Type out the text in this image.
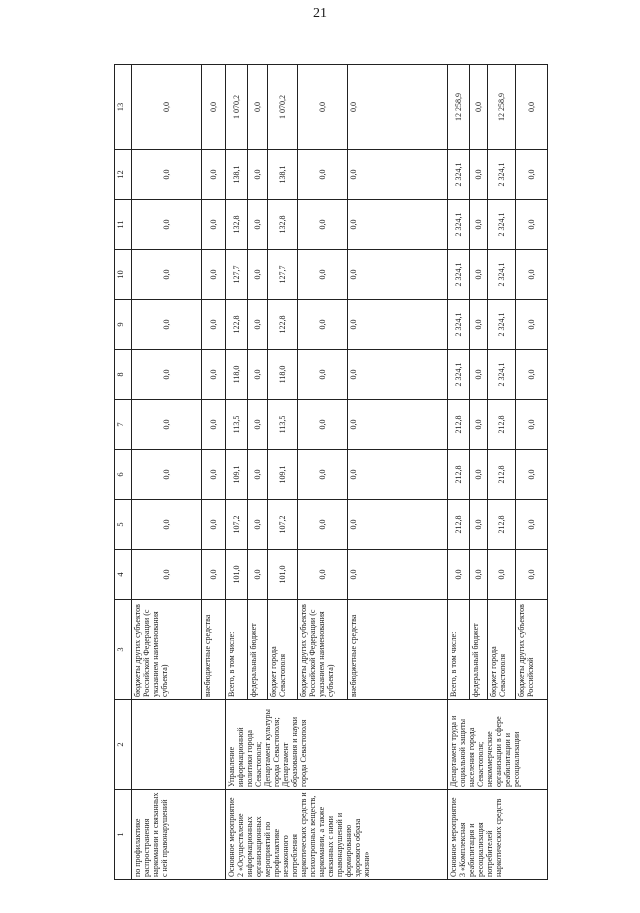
21
1	2	3	4	5	6	7	8	9	10	11	12	13
по профилактике распространения наркомании и связанных с ней правонарушений		бюджеты других субъектов Российской Федерации (с указанием наименования субъекта)	0,0	0,0	0,0	0,0	0,0	0,0	0,0	0,0	0,0	0,0
		внебюджетные средства	0,0	0,0	0,0	0,0	0,0	0,0	0,0	0,0	0,0	0,0
Основное мероприятие 2 «Осуществление информационных организационных мероприятий по профилактике незаконного потребления наркотических средств и психотропных веществ, наркомании, а также связанных с ними правонарушений и формированию здорового образа жизни»	Управление информационной политики города Севастополя; Департамент культуры города Севастополя; Департамент образования и науки города Севастополя	Всего, в том числе:	101,0	107,2	109,1	113,5	118,0	122,8	127,7	132,8	138,1	1 070,2
		федеральный бюджет	0,0	0,0	0,0	0,0	0,0	0,0	0,0	0,0	0,0	0,0
		бюджет города Севастополя	101,0	107,2	109,1	113,5	118,0	122,8	127,7	132,8	138,1	1 070,2
		бюджеты других субъектов Российской Федерации (с указанием наименования субъекта)	0,0	0,0	0,0	0,0	0,0	0,0	0,0	0,0	0,0	0,0
		внебюджетные средства	0,0	0,0	0,0	0,0	0,0	0,0	0,0	0,0	0,0	0,0
Основное мероприятие 3 «Комплексная реабилитация и ресоциализация потребителей наркотических средств	Департамент труда и социальной защиты населения города Севастополя; некоммерческие организации в сфере реабилитации и ресоциализации	Всего, в том числе:	0,0	212,8	212,8	212,8	2 324,1	2 324,1	2 324,1	2 324,1	2 324,1	12 258,9
		федеральный бюджет	0,0	0,0	0,0	0,0	0,0	0,0	0,0	0,0	0,0	0,0
		бюджет города Севастополя	0,0	212,8	212,8	212,8	2 324,1	2 324,1	2 324,1	2 324,1	2 324,1	12 258,9
		бюджеты других субъектов Российской	0,0	0,0	0,0	0,0	0,0	0,0	0,0	0,0	0,0	0,0
